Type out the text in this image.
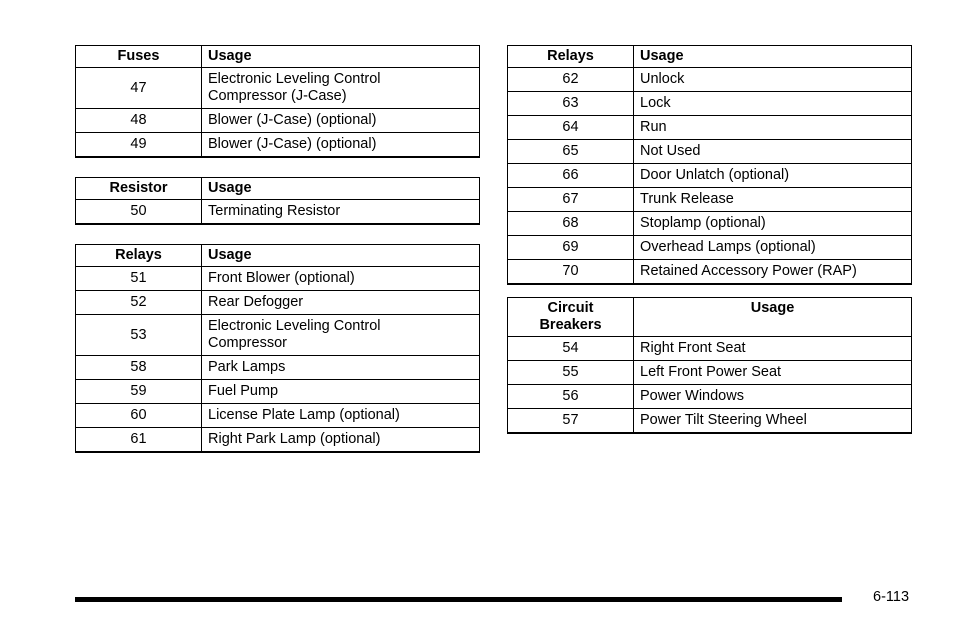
Fuses	Usage
47	Electronic Leveling Control
Compressor (J-Case)
48	Blower (J-Case) (optional)
49	Blower (J-Case) (optional)
Resistor	Usage
50	Terminating Resistor
Relays	Usage
51	Front Blower (optional)
52	Rear Defogger
53	Electronic Leveling Control
Compressor
58	Park Lamps
59	Fuel Pump
60	License Plate Lamp (optional)
61	Right Park Lamp (optional)
Relays	Usage
62	Unlock
63	Lock
64	Run
65	Not Used
66	Door Unlatch (optional)
67	Trunk Release
68	Stoplamp (optional)
69	Overhead Lamps (optional)
70	Retained Accessory Power (RAP)
Circuit
Breakers	Usage
54	Right Front Seat
55	Left Front Power Seat
56	Power Windows
57	Power Tilt Steering Wheel
6-113
